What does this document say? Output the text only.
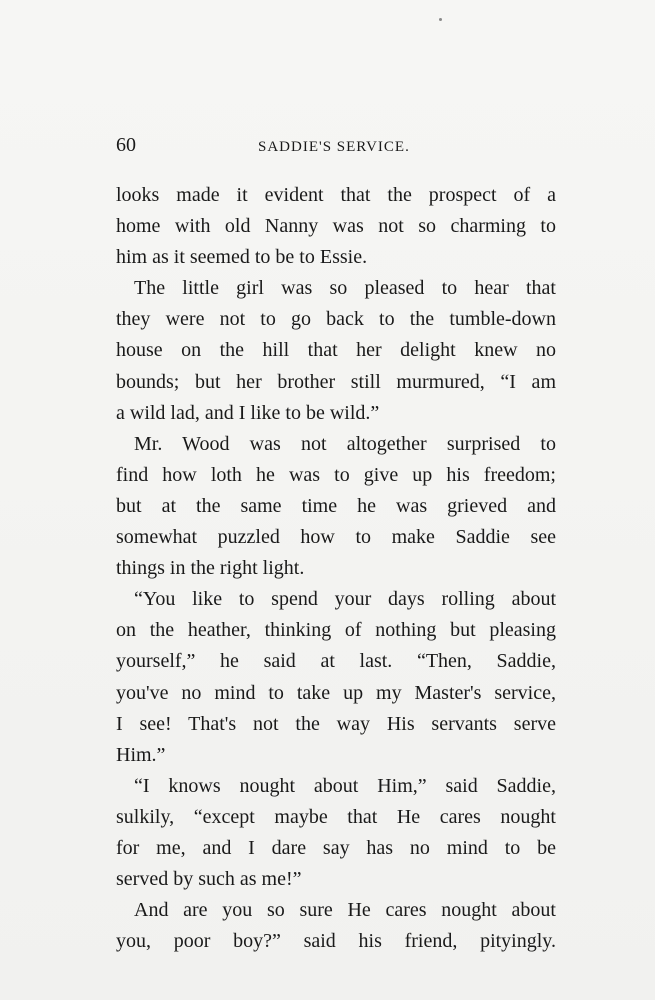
60	SADDIE'S SERVICE.
looks made it evident that the prospect of a
home with old Nanny was not so charming to
him as it seemed to be to Essie.
The little girl was so pleased to hear that
they were not to go back to the tumble-down
house on the hill that her delight knew no
bounds; but her brother still murmured, “I am
a wild lad, and I like to be wild.”
Mr. Wood was not altogether surprised to
find how loth he was to give up his freedom;
but at the same time he was grieved and
somewhat puzzled how to make Saddie see
things in the right light.
“You like to spend your days rolling about
on the heather, thinking of nothing but pleasing
yourself,” he said at last. “Then, Saddie,
you've no mind to take up my Master's service,
I see! That's not the way His servants serve
Him.”
“I knows nought about Him,” said Saddie,
sulkily, “except maybe that He cares nought
for me, and I dare say has no mind to be
served by such as me!”
And are you so sure He cares nought about
you, poor boy?” said his friend, pityingly.
